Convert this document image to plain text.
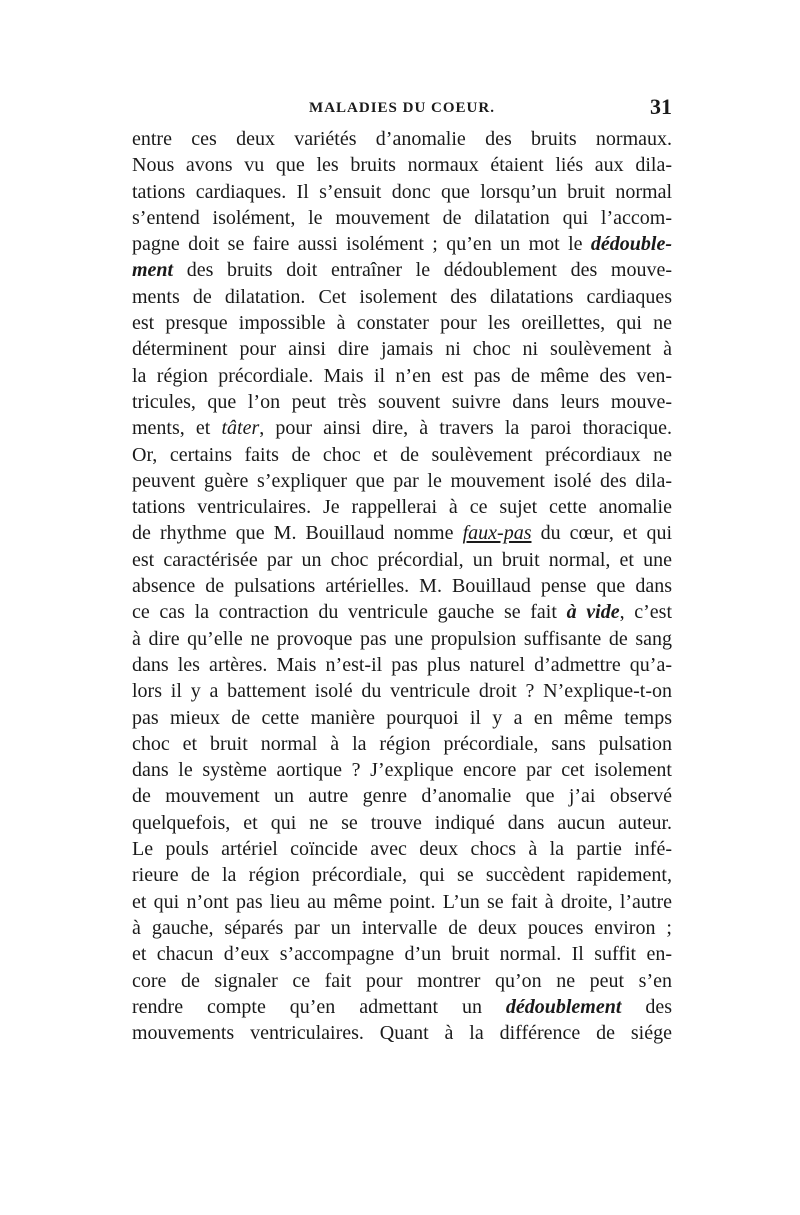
MALADIES DU COEUR.	31
entre ces deux variétés d’anomalie des bruits normaux.
Nous avons vu que les bruits normaux étaient liés aux dila-
tations cardiaques. Il s’ensuit donc que lorsqu’un bruit normal
s’entend isolément, le mouvement de dilatation qui l’accom-
pagne doit se faire aussi isolément ; qu’en un mot le dédouble-
ment des bruits doit entraîner le dédoublement des mouve-
ments de dilatation. Cet isolement des dilatations cardiaques
est presque impossible à constater pour les oreillettes, qui ne
déterminent pour ainsi dire jamais ni choc ni soulèvement à
la région précordiale. Mais il n’en est pas de même des ven-
tricules, que l’on peut très souvent suivre dans leurs mouve-
ments, et tâter, pour ainsi dire, à travers la paroi thoracique.
Or, certains faits de choc et de soulèvement précordiaux ne
peuvent guère s’expliquer que par le mouvement isolé des dila-
tations ventriculaires. Je rappellerai à ce sujet cette anomalie
de rhythme que M. Bouillaud nomme faux-pas du cœur, et qui
est caractérisée par un choc précordial, un bruit normal, et une
absence de pulsations artérielles. M. Bouillaud pense que dans
ce cas la contraction du ventricule gauche se fait à vide, c’est
à dire qu’elle ne provoque pas une propulsion suffisante de sang
dans les artères. Mais n’est-il pas plus naturel d’admettre qu’a-
lors il y a battement isolé du ventricule droit ? N’explique-t-on
pas mieux de cette manière pourquoi il y a en même temps
choc et bruit normal à la région précordiale, sans pulsation
dans le système aortique ? J’explique encore par cet isolement
de mouvement un autre genre d’anomalie que j’ai observé
quelquefois, et qui ne se trouve indiqué dans aucun auteur.
Le pouls artériel coïncide avec deux chocs à la partie infé-
rieure de la région précordiale, qui se succèdent rapidement,
et qui n’ont pas lieu au même point. L’un se fait à droite, l’autre
à gauche, séparés par un intervalle de deux pouces environ ;
et chacun d’eux s’accompagne d’un bruit normal. Il suffit en-
core de signaler ce fait pour montrer qu’on ne peut s’en
rendre compte qu’en admettant un dédoublement des
mouvements ventriculaires. Quant à la différence de siége
